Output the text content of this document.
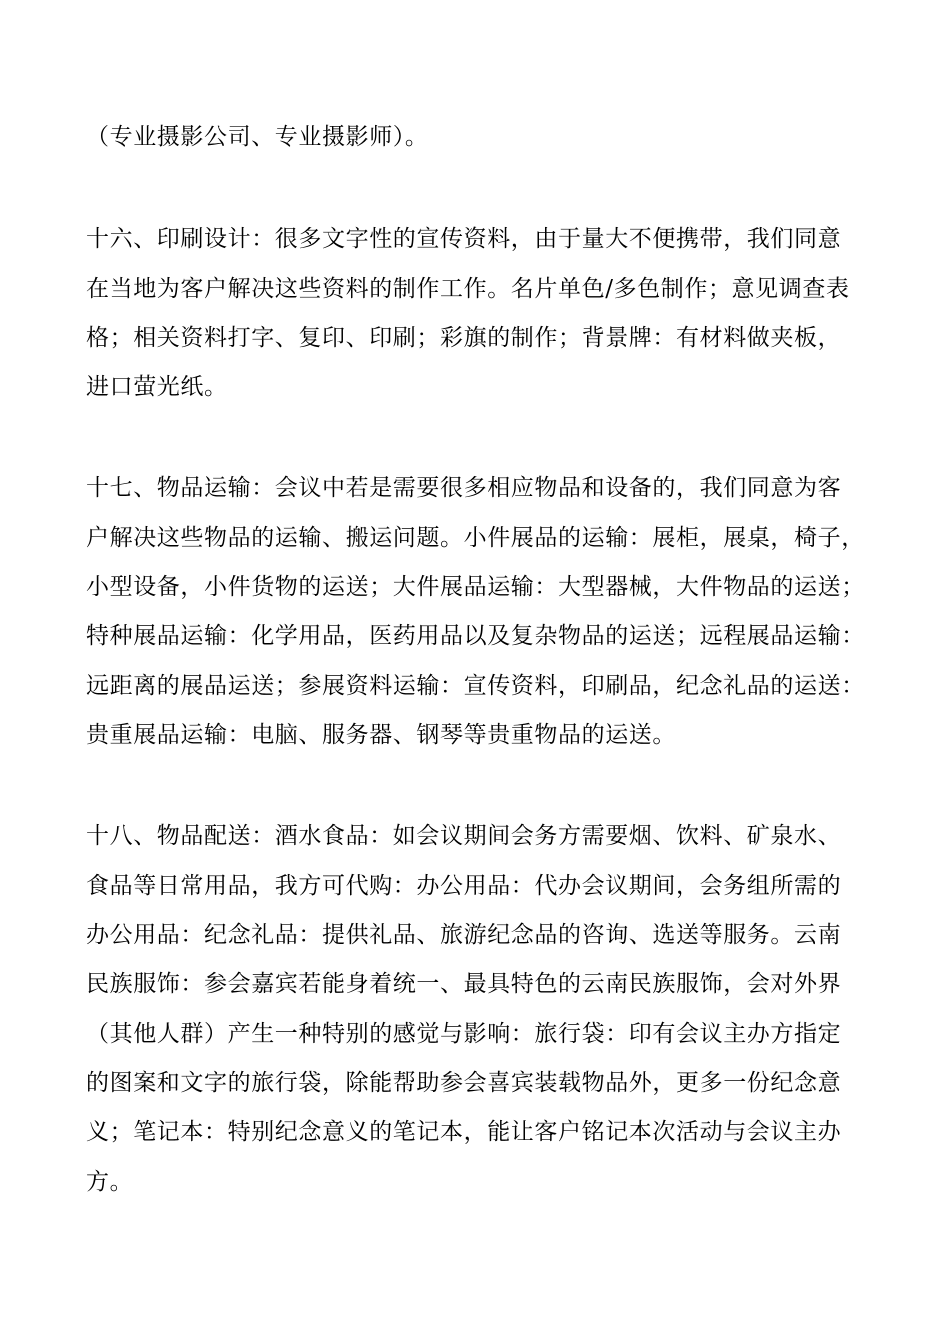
（专业摄影公司、专业摄影师）。
十六、印刷设计：很多文字性的宣传资料，由于量大不便携带，我们同意
在当地为客户解决这些资料的制作工作。名片单色/多色制作；意见调查表
格；相关资料打字、复印、印刷；彩旗的制作；背景牌：有材料做夹板，
进口萤光纸。
十七、物品运输：会议中若是需要很多相应物品和设备的，我们同意为客
户解决这些物品的运输、搬运问题。小件展品的运输：展柜，展桌，椅子，
小型设备，小件货物的运送；大件展品运输：大型器械，大件物品的运送；
特种展品运输：化学用品，医药用品以及复杂物品的运送；远程展品运输：
远距离的展品运送；参展资料运输：宣传资料，印刷品，纪念礼品的运送：
贵重展品运输：电脑、服务器、钢琴等贵重物品的运送。
十八、物品配送：酒水食品：如会议期间会务方需要烟、饮料、矿泉水、
食品等日常用品，我方可代购：办公用品：代办会议期间，会务组所需的
办公用品：纪念礼品：提供礼品、旅游纪念品的咨询、选送等服务。云南
民族服饰：参会嘉宾若能身着统一、最具特色的云南民族服饰，会对外界
（其他人群）产生一种特别的感觉与影响：旅行袋：印有会议主办方指定
的图案和文字的旅行袋，除能帮助参会喜宾装载物品外，更多一份纪念意
义；笔记本：特别纪念意义的笔记本，能让客户铭记本次活动与会议主办
方。
